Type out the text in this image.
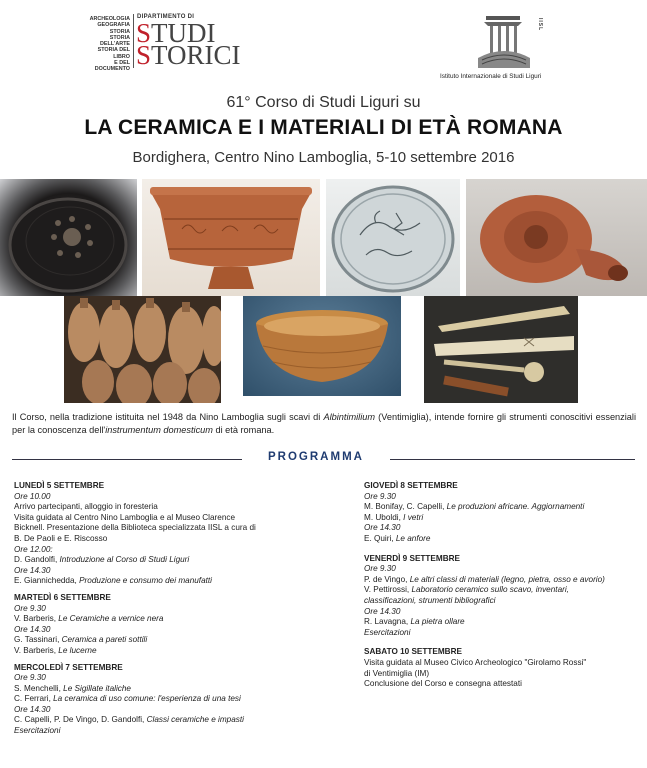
ARCHEOLOGIA
GEOGRAFIA
STORIA
STORIA DELL'ARTE
STORIA DEL LIBRO
E DEL DOCUMENTO
DIPARTIMENTO DI
STUDI
STORICI
IISL
Istituto Internazionale di Studi Liguri
61° Corso di Studi Liguri su
LA CERAMICA E I MATERIALI DI ETÀ ROMANA
Bordighera, Centro Nino Lamboglia, 5-10 settembre 2016
Il Corso, nella tradizione istituita nel 1948 da Nino Lamboglia sugli scavi di Albintimilium (Ventimiglia), intende fornire gli strumenti conoscitivi essenziali per la conoscenza dell'instrumentum domesticum di età romana.
PROGRAMMA
LUNEDÌ 5 SETTEMBRE
Ore 10.00
Arrivo partecipanti, alloggio in foresteria
Visita guidata al Centro Nino Lamboglia e al Museo Clarence
Bicknell. Presentazione della Biblioteca specializzata IISL a cura di
B. De Paoli e E. Riscosso
Ore 12.00:
D. Gandolfi, Introduzione al Corso di Studi Liguri
Ore 14.30
E. Giannichedda, Produzione e consumo dei manufatti
MARTEDÌ 6 SETTEMBRE
Ore 9.30
V. Barberis, Le Ceramiche a vernice nera
Ore 14.30
G. Tassinari, Ceramica a pareti sottili
V. Barberis, Le lucerne
MERCOLEDÌ 7 SETTEMBRE
Ore 9.30
S. Menchelli, Le Sigillate italiche
C. Ferrari, La ceramica di uso comune: l'esperienza di una tesi
Ore 14.30
C. Capelli, P. De Vingo, D. Gandolfi, Classi ceramiche e impasti
Esercitazioni
GIOVEDÌ 8 SETTEMBRE
Ore 9.30
M. Bonifay, C. Capelli, Le produzioni africane. Aggiornamenti
M. Uboldi, I vetri
Ore 14.30
E. Quiri, Le anfore
VENERDÌ 9 SETTEMBRE
Ore 9.30
P. de Vingo, Le altri classi di materiali (legno, pietra, osso e avorio)
V. Pettirossi, Laboratorio ceramico sullo scavo, inventari,
classificazioni, strumenti bibliografici
Ore 14.30
R. Lavagna, La pietra ollare
Esercitazioni
SABATO 10 SETTEMBRE
Visita guidata al Museo Civico Archeologico "Girolamo Rossi"
di Ventimiglia (IM)
Conclusione del Corso e consegna attestati
